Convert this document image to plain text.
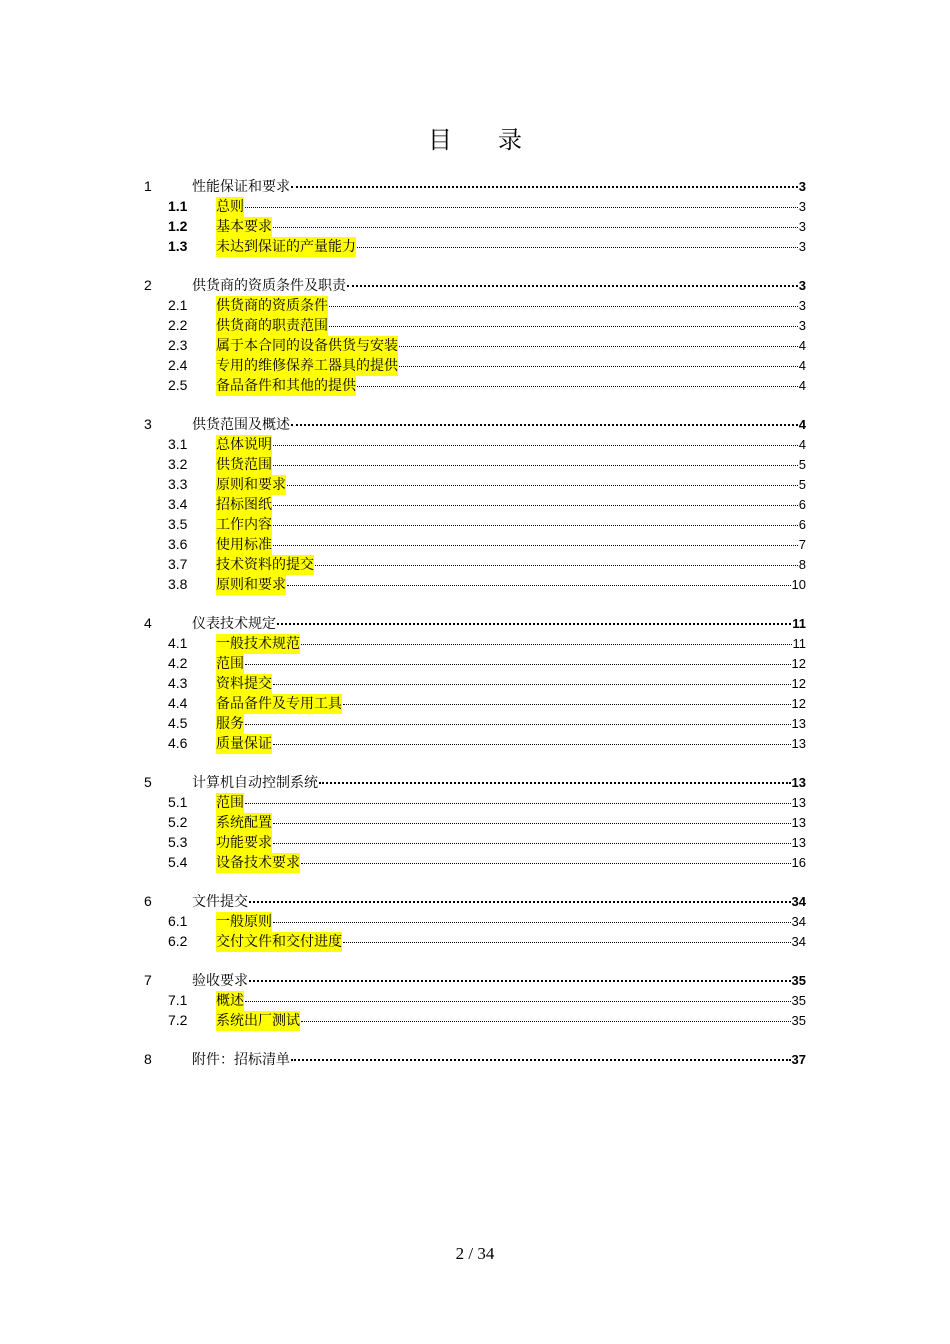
目 录
1	性能保证和要求	3
1.1	总则	3
1.2	基本要求	3
1.3	未达到保证的产量能力	3
2	供货商的资质条件及职责	3
2.1	供货商的资质条件	3
2.2	供货商的职责范围	3
2.3	属于本合同的设备供货与安装	4
2.4	专用的维修保养工器具的提供	4
2.5	备品备件和其他的提供	4
3	供货范围及概述	4
3.1	总体说明	4
3.2	供货范围	5
3.3	原则和要求	5
3.4	招标图纸	6
3.5	工作内容	6
3.6	使用标准	7
3.7	技术资料的提交	8
3.8	原则和要求	10
4	仪表技术规定	11
4.1	一般技术规范	11
4.2	范围	12
4.3	资料提交	12
4.4	备品备件及专用工具	12
4.5	服务	13
4.6	质量保证	13
5	计算机自动控制系统	13
5.1	范围	13
5.2	系统配置	13
5.3	功能要求	13
5.4	设备技术要求	16
6	文件提交	34
6.1	一般原则	34
6.2	交付文件和交付进度	34
7	验收要求	35
7.1	概述	35
7.2	系统出厂测试	35
8	附件：招标清单	37
2 / 34
